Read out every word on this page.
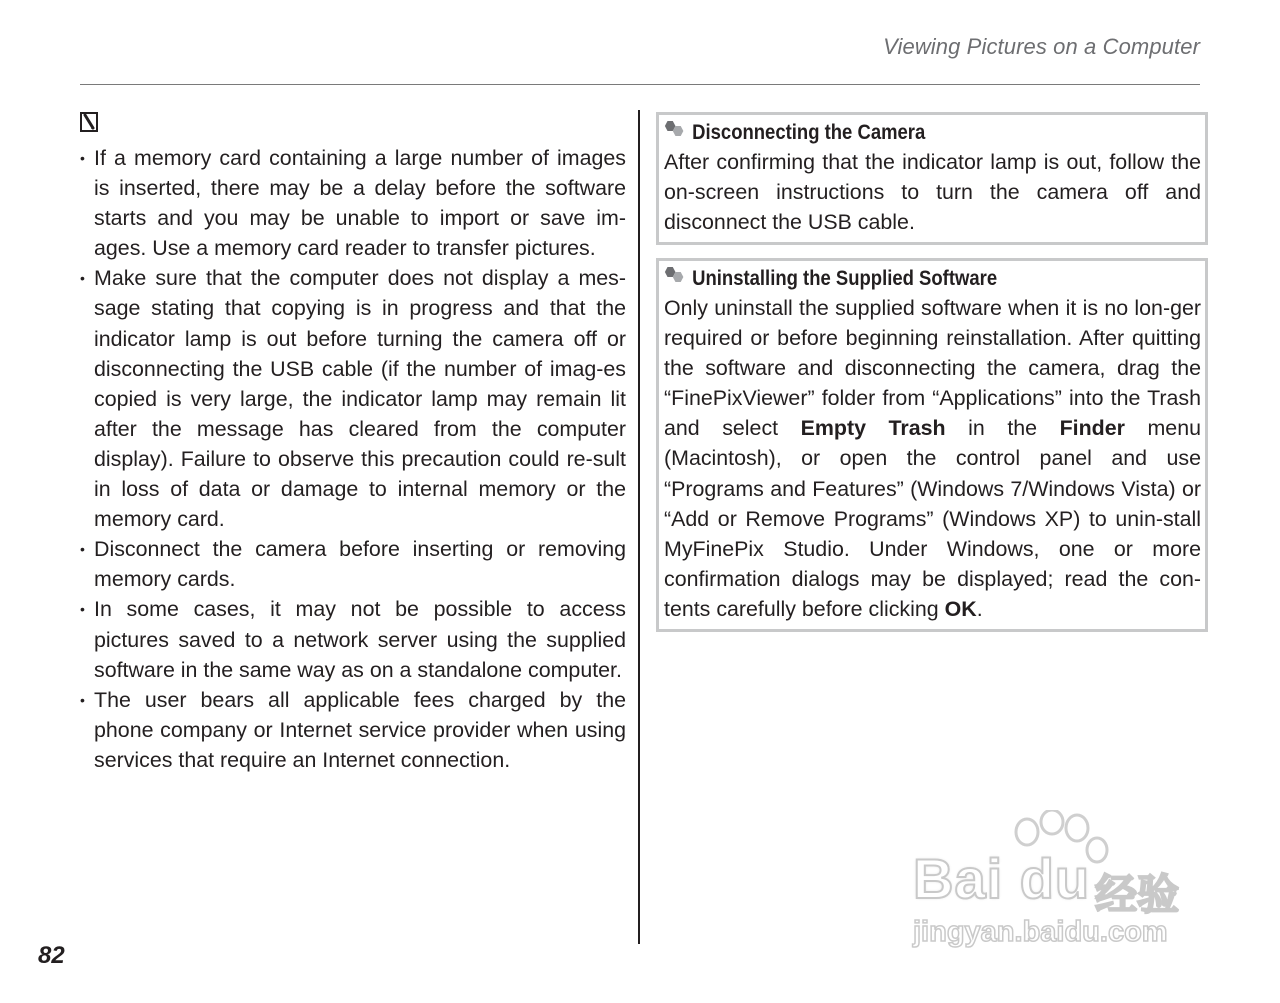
Viewing Pictures on a Computer
• If a memory card containing a large number of images is inserted, there may be a delay before the software starts and you may be unable to import or save im-ages. Use a memory card reader to transfer pictures.
• Make sure that the computer does not display a mes-sage stating that copying is in progress and that the indicator lamp is out before turning the camera off or disconnecting the USB cable (if the number of imag-es copied is very large, the indicator lamp may remain lit after the message has cleared from the computer display). Failure to observe this precaution could re-sult in loss of data or damage to internal memory or the memory card.
• Disconnect the camera before inserting or removing memory cards.
• In some cases, it may not be possible to access pictures saved to a network server using the supplied software in the same way as on a standalone computer.
• The user bears all applicable fees charged by the phone company or Internet service provider when using services that require an Internet connection.
Disconnecting the Camera
After confirming that the indicator lamp is out, follow the on-screen instructions to turn the camera off and disconnect the USB cable.
Uninstalling the Supplied Software
Only uninstall the supplied software when it is no lon-ger required or before beginning reinstallation. After quitting the software and disconnecting the camera, drag the “FinePixViewer” folder from “Applications” into the Trash and select Empty Trash in the Finder menu (Macintosh), or open the control panel and use “Programs and Features” (Windows 7/Windows Vista) or “Add or Remove Programs” (Windows XP) to unin-stall MyFinePix Studio. Under Windows, one or more confirmation dialogs may be displayed; read the con-tents carefully before clicking OK.
82
Bai du 经验
jingyan.baidu.com
